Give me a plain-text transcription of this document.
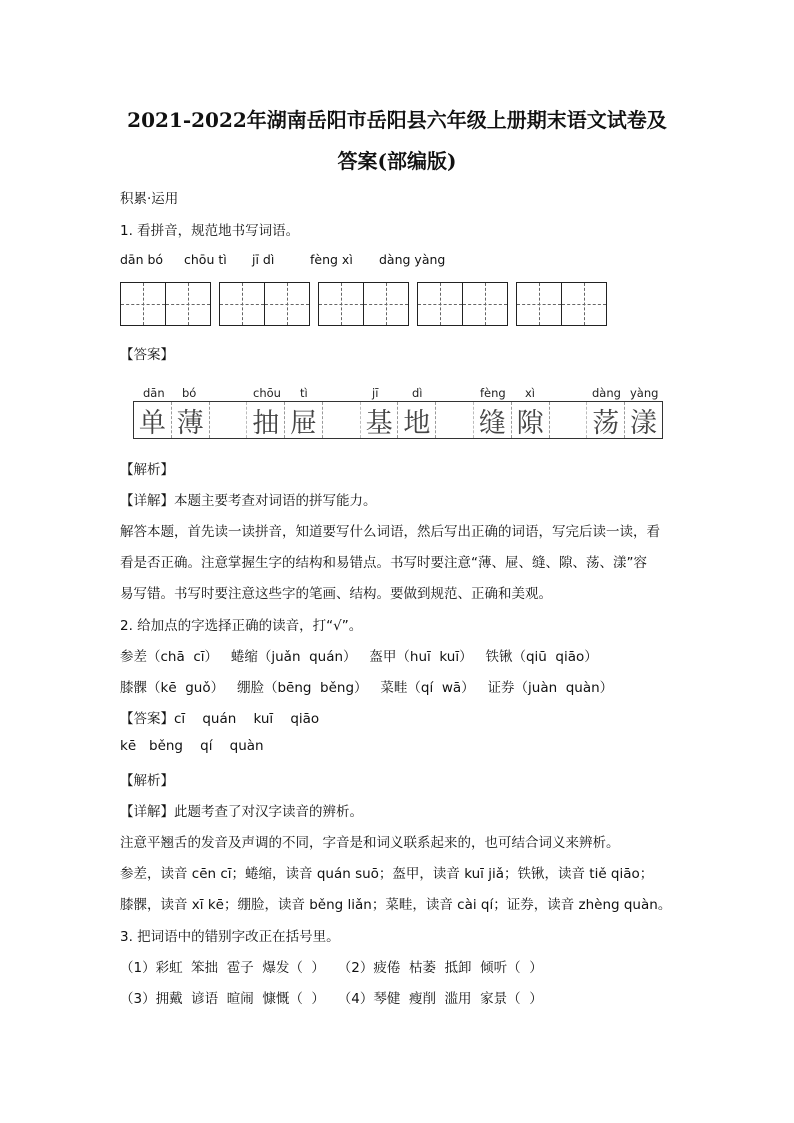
2021-2022年湖南岳阳市岳阳县六年级上册期末语文试卷及
答案(部编版)
积累·运用
1. 看拼音，规范地书写词语。
dān bó chōu tì jī dì	fèng xì dàng yàng
【答案】
dān bó	chōu tì	jī	dì	fèng xì	dàng yàng
单 薄 抽 屉 基 地 缝 隙 荡 漾
【解析】
【详解】本题主要考查对词语的拼写能力。
解答本题，首先读一读拼音，知道要写什么词语，然后写出正确的词语，写完后读一读，看
看是否正确。注意掌握生字的结构和易错点。书写时要注意“薄、屉、缝、隙、荡、漾”容
易写错。书写时要注意这些字的笔画、结构。要做到规范、正确和美观。
2. 给加点的字选择正确的读音，打“√”。
参差（chā  cī）   蜷缩（juǎn  quán）   盔甲（huī  kuī）   铁锹（qiū  qiāo）
膝髁（kē  guǒ）   绷脸（bēng  běng）   菜畦（qí  wā）   证券（juàn  quàn）
【答案】cī    quán    kuī    qiāo
kē   běng    qí    quàn
【解析】
【详解】此题考查了对汉字读音的辨析。
注意平翘舌的发音及声调的不同，字音是和词义联系起来的，也可结合词义来辨析。
参差，读音 cēn cī；蜷缩，读音 quán suō；盔甲，读音 kuī jiǎ；铁锹，读音 tiě qiāo；
膝髁，读音 xī kē；绷脸，读音 běng liǎn；菜畦，读音 cài qí；证券，读音 zhèng quàn。
3. 把词语中的错别字改正在括号里。
（1）彩虹  笨拙  雹子  爆发（  ）   （2）疲倦  枯萎  抵卸  倾听（  ）
（3）拥戴  谚语  暄闹  慷慨（  ）   （4）琴健  瘦削  滥用  家景（  ）
